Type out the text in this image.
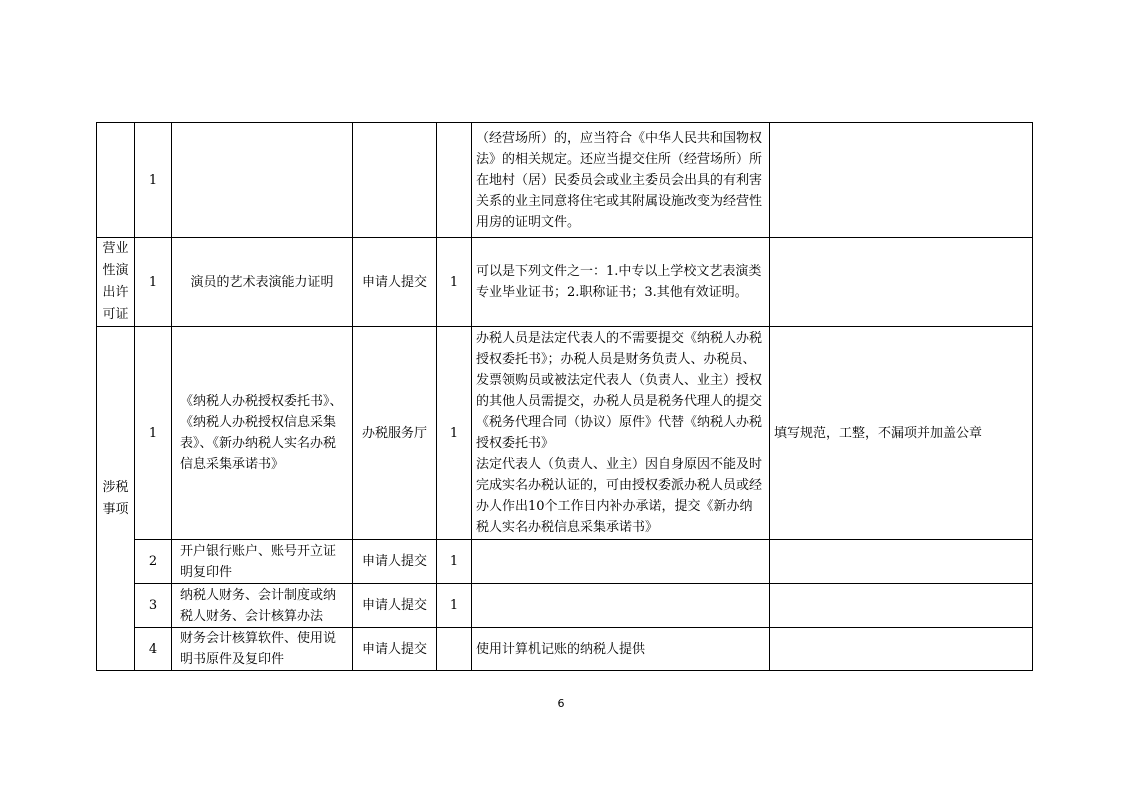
	1				（经营场所）的，应当符合《中华人民共和国物权法》的相关规定。还应当提交住所（经营场所）所在地村（居）民委员会或业主委员会出具的有利害关系的业主同意将住宅或其附属设施改变为经营性用房的证明文件。	

营业性演出许可证	1	演员的艺术表演能力证明	申请人提交	1	可以是下列文件之一：1.中专以上学校文艺表演类专业毕业证书；2.职称证书；3.其他有效证明。	

涉税事项	1	《纳税人办税授权委托书》、《纳税人办税授权信息采集表》、《新办纳税人实名办税信息采集承诺书》	办税服务厅	1	办税人员是法定代表人的不需要提交《纳税人办税授权委托书》；办税人员是财务负责人、办税员、发票领购员或被法定代表人（负责人、业主）授权的其他人员需提交，办税人员是税务代理人的提交《税务代理合同（协议）原件》代替《纳税人办税授权委托书》
法定代表人（负责人、业主）因自身原因不能及时完成实名办税认证的，可由授权委派办税人员或经办人作出10个工作日内补办承诺，提交《新办纳税人实名办税信息采集承诺书》	填写规范，工整，不漏项并加盖公章
	2	开户银行账户、账号开立证明复印件	申请人提交	1	

	3	纳税人财务、会计制度或纳税人财务、会计核算办法	申请人提交	1	

	4	财务会计核算软件、使用说明书原件及复印件	申请人提交		使用计算机记账的纳税人提供	

6
